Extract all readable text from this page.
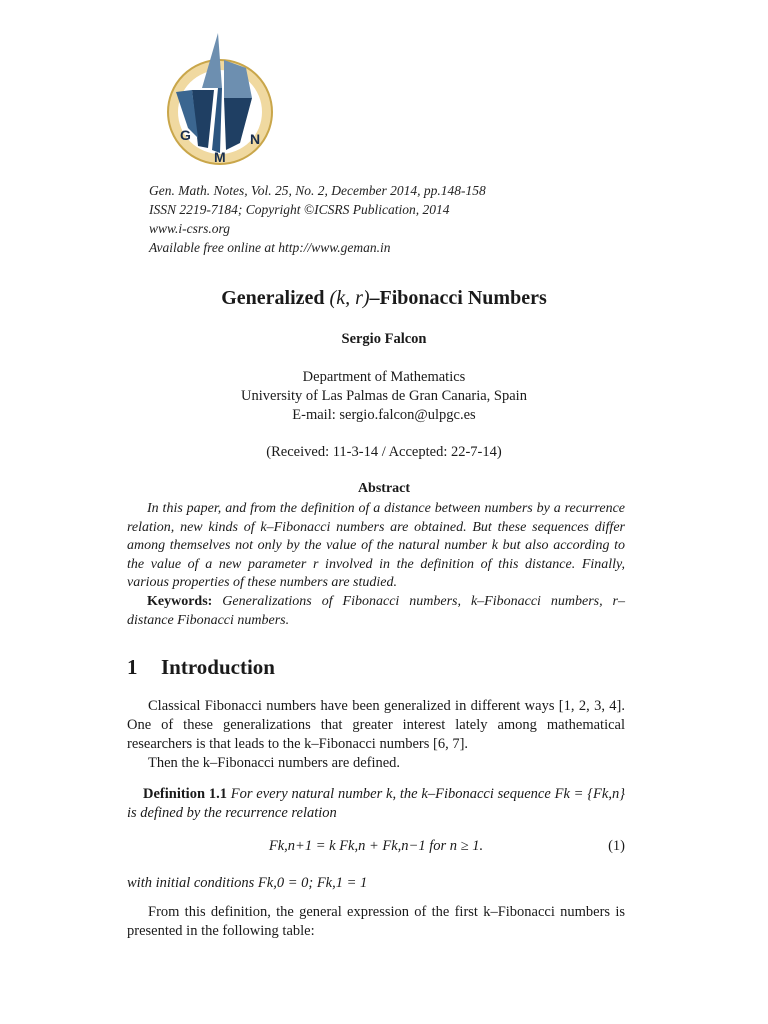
G
M
N
Gen. Math. Notes, Vol. 25, No. 2, December 2014, pp.148-158
ISSN 2219-7184; Copyright ©ICSRS Publication, 2014
www.i-csrs.org
Available free online at http://www.geman.in
Generalized (k, r)–Fibonacci Numbers
Sergio Falcon
Department of Mathematics
University of Las Palmas de Gran Canaria, Spain
E-mail: sergio.falcon@ulpgc.es
(Received: 11-3-14 / Accepted: 22-7-14)
Abstract
In this paper, and from the definition of a distance between numbers by a recurrence relation, new kinds of k–Fibonacci numbers are obtained. But these sequences differ among themselves not only by the value of the natural number k but also according to the value of a new parameter r involved in the definition of this distance. Finally, various properties of these numbers are studied.
Keywords: Generalizations of Fibonacci numbers, k–Fibonacci numbers, r–distance Fibonacci numbers.
1 Introduction
Classical Fibonacci numbers have been generalized in different ways [1, 2, 3, 4]. One of these generalizations that greater interest lately among mathematical researchers is that leads to the k–Fibonacci numbers [6, 7].
Then the k–Fibonacci numbers are defined.
Definition 1.1 For every natural number k, the k–Fibonacci sequence Fk = {Fk,n} is defined by the recurrence relation
Fk,n+1 = k Fk,n + Fk,n−1 for n ≥ 1.	(1)
with initial conditions Fk,0 = 0; Fk,1 = 1
From this definition, the general expression of the first k–Fibonacci numbers is presented in the following table:
